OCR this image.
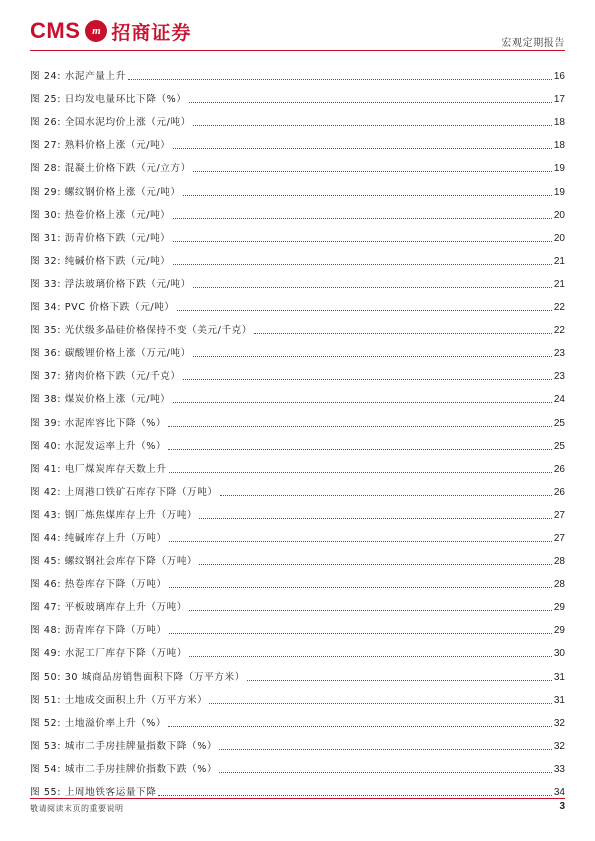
CMS	m 招商证券	宏观定期报告
图 24: 水泥产量上升	16
图 25: 日均发电量环比下降（%）	17
图 26: 全国水泥均价上涨（元/吨）	18
图 27: 熟料价格上涨（元/吨）	18
图 28: 混凝土价格下跌（元/立方）	19
图 29: 螺纹钢价格上涨（元/吨）	19
图 30: 热卷价格上涨（元/吨）	20
图 31: 沥青价格下跌（元/吨）	20
图 32: 纯碱价格下跌（元/吨）	21
图 33: 浮法玻璃价格下跌（元/吨）	21
图 34: PVC 价格下跌（元/吨）	22
图 35: 光伏级多晶硅价格保持不变（美元/千克）	22
图 36: 碳酸锂价格上涨（万元/吨）	23
图 37: 猪肉价格下跌（元/千克）	23
图 38: 煤炭价格上涨（元/吨）	24
图 39: 水泥库容比下降（%）	25
图 40: 水泥发运率上升（%）	25
图 41: 电厂煤炭库存天数上升	26
图 42: 上周港口铁矿石库存下降（万吨）	26
图 43: 钢厂炼焦煤库存上升（万吨）	27
图 44: 纯碱库存上升（万吨）	27
图 45: 螺纹钢社会库存下降（万吨）	28
图 46: 热卷库存下降（万吨）	28
图 47: 平板玻璃库存上升（万吨）	29
图 48: 沥青库存下降（万吨）	29
图 49: 水泥工厂库存下降（万吨）	30
图 50: 30 城商品房销售面积下降（万平方米）	31
图 51: 土地成交面积上升（万平方米）	31
图 52: 土地溢价率上升（%）	32
图 53: 城市二手房挂牌量指数下降（%）	32
图 54: 城市二手房挂牌价指数下跌（%）	33
图 55: 上周地铁客运量下降	34
敬请阅读末页的重要说明	3
